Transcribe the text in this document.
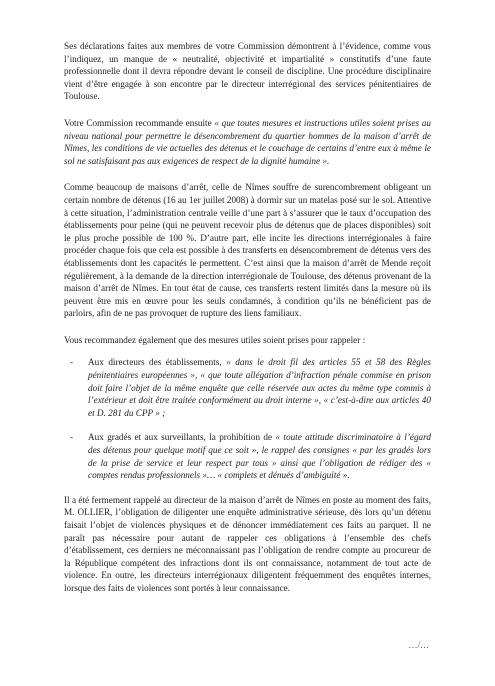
Ses déclarations faites aux membres de votre Commission démontrent à l’évidence, comme vous l’indiquez, un manque de « neutralité, objectivité et impartialité » constitutifs d’une faute professionnelle dont il devra répondre devant le conseil de discipline. Une procédure disciplinaire vient d’être engagée à son encontre par le directeur interrégional des services pénitentiaires de Toulouse.

Votre Commission recommande ensuite « que toutes mesures et instructions utiles soient prises au niveau national pour permettre le désencombrement du quartier hommes de la maison d’arrêt de Nîmes, les conditions de vie actuelles des détenus et le couchage de certains d’entre eux à même le sol ne satisfaisant pas aux exigences de respect de la dignité humaine ».

Comme beaucoup de maisons d’arrêt, celle de Nîmes souffre de surencombrement obligeant un certain nombre de détenus (16 au 1er juillet 2008) à dormir sur un matelas posé sur le sol. Attentive à cette situation, l’administration centrale veille d’une part à s’assurer que le taux d’occupation des établissements pour peine (qui ne peuvent recevoir plus de détenus que de places disponibles) soit le plus proche possible de 100 %. D’autre part, elle incite les directions interrégionales à faire procéder chaque fois que cela est possible à des transferts en désencombrement de détenus vers des établissements dont les capacités le permettent. C’est ainsi que la maison d’arrêt de Mende reçoit régulièrement, à la demande de la direction interrégionale de Toulouse, des détenus provenant de la maison d’arrêt de Nîmes. En tout état de cause, ces transferts restent limités dans la mesure où ils peuvent être mis en œuvre pour les seuls condamnés, à condition qu’ils ne bénéficient pas de parloirs, afin de ne pas provoquer de rupture des liens familiaux.

Vous recommandez également que des mesures utiles soient prises pour rappeler :

- Aux directeurs des établissements, « dans le droit fil des articles 55 et 58 des Règles pénitentiaires européennes », « que toute allégation d’infraction pénale commise en prison doit faire l’objet de la même enquête que celle réservée aux actes du même type commis à l’extérieur et doit être traitée conformément au droit interne », « c’est-à-dire aux articles 40 et D. 281 du CPP » ;

- Aux gradés et aux surveillants, la prohibition de « toute attitude discriminatoire à l’égard des détenus pour quelque motif que ce soit », le rappel des consignes « par les gradés lors de la prise de service et leur respect par tous » ainsi que l’obligation de rédiger des « comptes rendus professionnels »… « complets et dénués d’ambiguïté ».

Il a été fermement rappelé au directeur de la maison d’arrêt de Nîmes en poste au moment des faits, M. OLLIER, l’obligation de diligenter une enquête administrative sérieuse, dès lors qu’un détenu faisait l’objet de violences physiques et de dénoncer immédiatement ces faits au parquet. Il ne paraît pas nécessaire pour autant de rappeler ces obligations à l’ensemble des chefs d’établissement, ces derniers ne méconnaissant pas l’obligation de rendre compte au procureur de la République compétent des infractions dont ils ont connaissance, notamment de tout acte de violence. En outre, les directeurs interrégionaux diligentent fréquemment des enquêtes internes, lorsque des faits de violences sont portés à leur connaissance.

…/…
